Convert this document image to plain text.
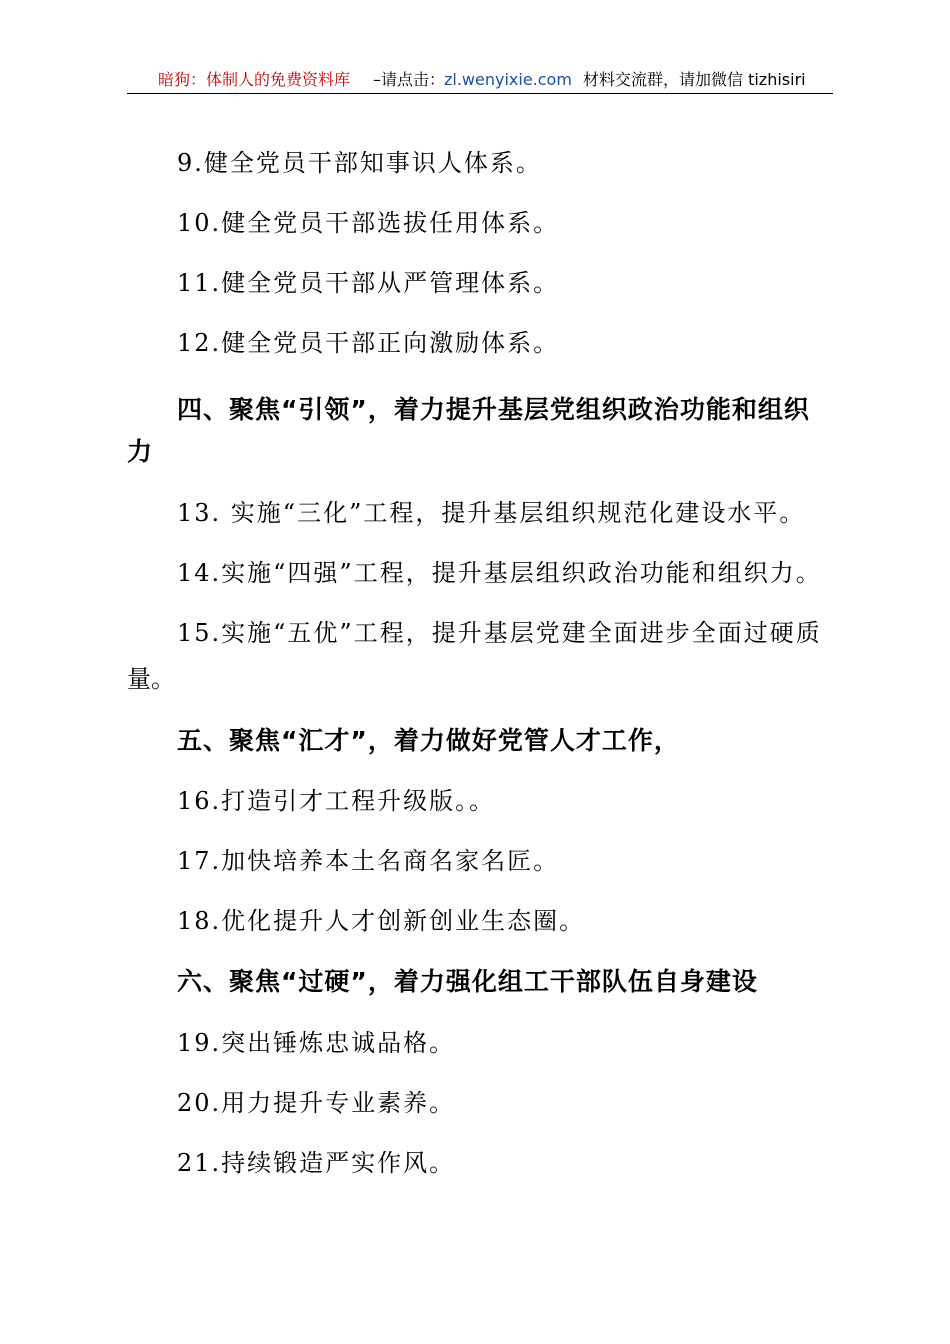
暗狗：体制人的免费资料库 –请点击：
zl.wenyixie.com 材料交流群，请加微信 tizhisiri
9.健全党员干部知事识人体系。
10.健全党员干部选拔任用体系。
11.健全党员干部从严管理体系。
12.健全党员干部正向激励体系。
四、聚焦“引领”，着力提升基层党组织政治功能和组织
力
13. 实施“三化”工程，提升基层组织规范化建设水平。
14.实施“四强”工程，提升基层组织政治功能和组织力。
15.实施“五优”工程，提升基层党建全面进步全面过硬质
量。
五、聚焦“汇才”，着力做好党管人才工作，
16.打造引才工程升级版。。
17.加快培养本土名商名家名匠。
18.优化提升人才创新创业生态圈。
六、聚焦“过硬”，着力强化组工干部队伍自身建设
19.突出锤炼忠诚品格。
20.用力提升专业素养。
21.持续锻造严实作风。
